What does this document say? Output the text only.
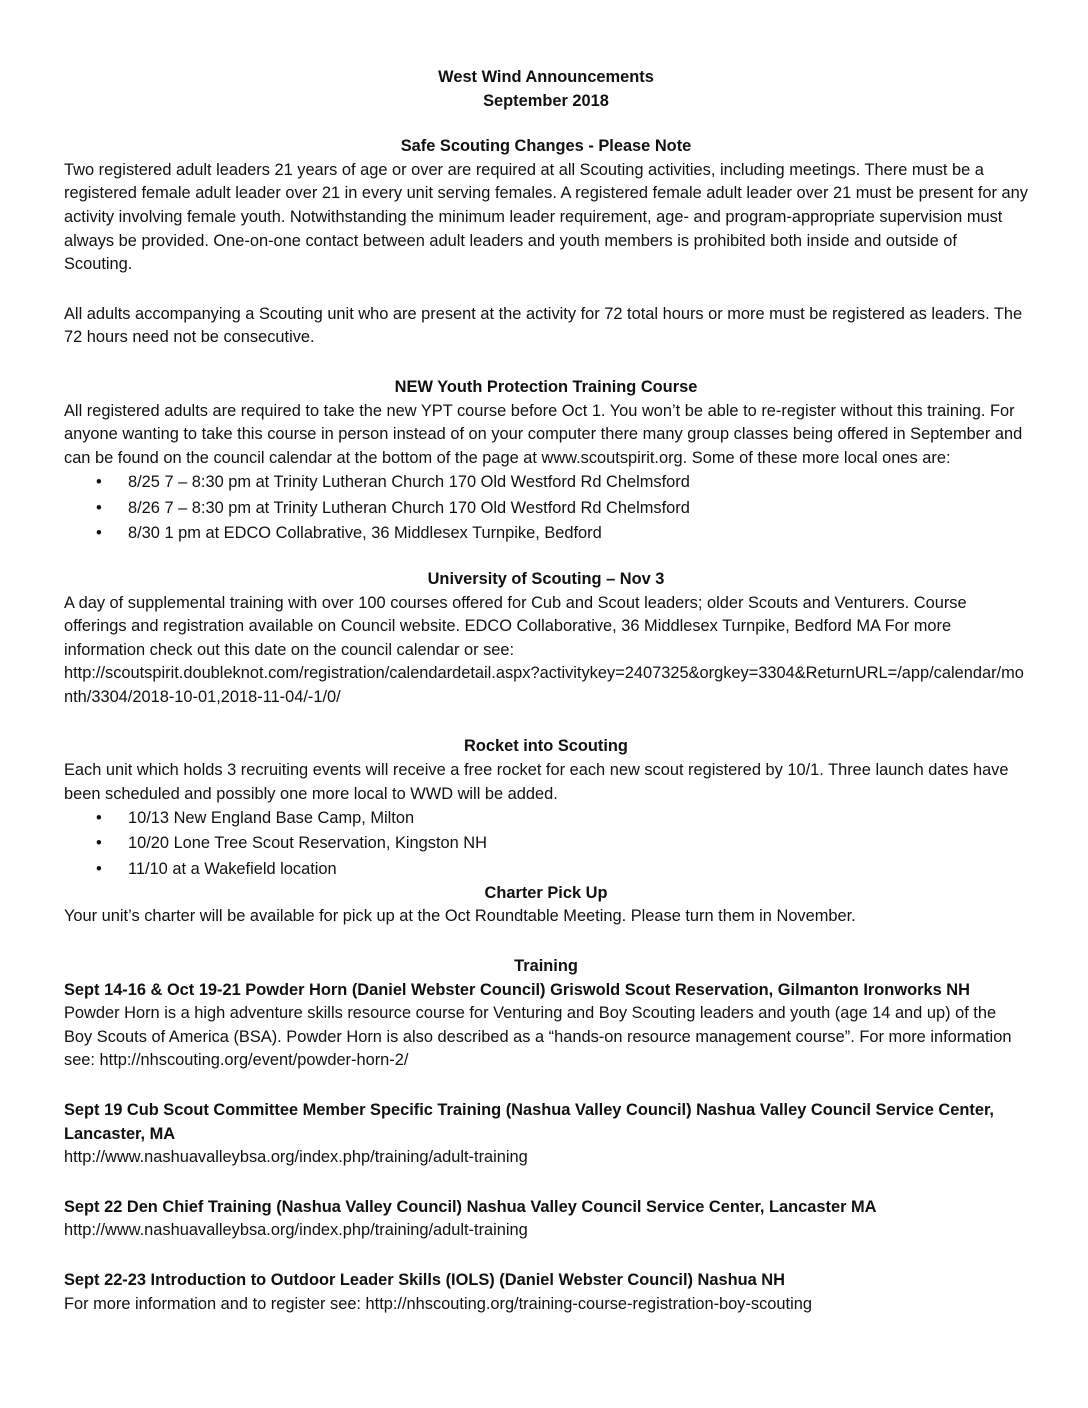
West Wind Announcements

September 2018

Safe Scouting Changes - Please Note

Two registered adult leaders 21 years of age or over are required at all Scouting activities, including meetings. There must be a registered female adult leader over 21 in every unit serving females. A registered female adult leader over 21 must be present for any activity involving female youth. Notwithstanding the minimum leader requirement, age- and program-appropriate supervision must always be provided. One-on-one contact between adult leaders and youth members is prohibited both inside and outside of Scouting.

All adults accompanying a Scouting unit who are present at the activity for 72 total hours or more must be registered as leaders. The 72 hours need not be consecutive.

NEW Youth Protection Training Course

All registered adults are required to take the new YPT course before Oct 1. You won’t be able to re-register without this training. For anyone wanting to take this course in person instead of on your computer there many group classes being offered in September and can be found on the council calendar at the bottom of the page at www.scoutspirit.org. Some of these more local ones are:

• 8/25 7 – 8:30 pm at Trinity Lutheran Church 170 Old Westford Rd Chelmsford
• 8/26 7 – 8:30 pm at Trinity Lutheran Church 170 Old Westford Rd Chelmsford
• 8/30 1 pm at EDCO Collabrative, 36 Middlesex Turnpike, Bedford

University of Scouting – Nov 3

A day of supplemental training with over 100 courses offered for Cub and Scout leaders; older Scouts and Venturers. Course offerings and registration available on Council website. EDCO Collaborative, 36 Middlesex Turnpike, Bedford MA For more information check out this date on the council calendar or see:

http://scoutspirit.doubleknot.com/registration/calendardetail.aspx?activitykey=2407325&orgkey=3304&ReturnURL=/app/calendar/month/3304/2018-10-01,2018-11-04/-1/0/

Rocket into Scouting

Each unit which holds 3 recruiting events will receive a free rocket for each new scout registered by 10/1. Three launch dates have been scheduled and possibly one more local to WWD will be added.

• 10/13 New England Base Camp, Milton
• 10/20 Lone Tree Scout Reservation, Kingston NH
• 11/10 at a Wakefield location

Charter Pick Up

Your unit’s charter will be available for pick up at the Oct Roundtable Meeting. Please turn them in November.

Training

Sept 14-16 & Oct 19-21 Powder Horn (Daniel Webster Council) Griswold Scout Reservation, Gilmanton Ironworks NH

Powder Horn is a high adventure skills resource course for Venturing and Boy Scouting leaders and youth (age 14 and up) of the Boy Scouts of America (BSA). Powder Horn is also described as a “hands-on resource management course”. For more information see: http://nhscouting.org/event/powder-horn-2/

Sept 19 Cub Scout Committee Member Specific Training (Nashua Valley Council) Nashua Valley Council Service Center, Lancaster, MA

http://www.nashuavalleybsa.org/index.php/training/adult-training

Sept 22 Den Chief Training (Nashua Valley Council) Nashua Valley Council Service Center, Lancaster MA

http://www.nashuavalleybsa.org/index.php/training/adult-training

Sept 22-23 Introduction to Outdoor Leader Skills (IOLS) (Daniel Webster Council) Nashua NH

For more information and to register see: http://nhscouting.org/training-course-registration-boy-scouting
